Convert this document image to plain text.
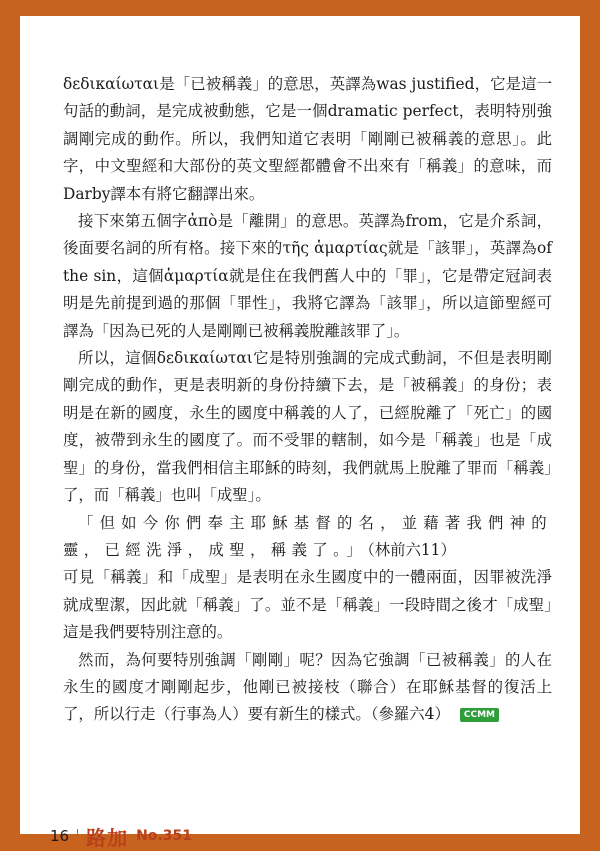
δεδικαίωται是「已被稱義」的意思，英譯為was justified，它是這一句話的動詞，是完成被動態，它是一個dramatic perfect，表明特別強調剛完成的動作。所以，我們知道它表明「剛剛已被稱義的意思」。此字，中文聖經和大部份的英文聖經都體會不出來有「稱義」的意味，而Darby譯本有將它翻譯出來。

接下來第五個字ἀπὸ是「離開」的意思。英譯為from，它是介系詞，後面要名詞的所有格。接下來的τῆς ἁμαρτίας就是「該罪」，英譯為of the sin，這個ἁμαρτία就是住在我們舊人中的「罪」，它是帶定冠詞表明是先前提到過的那個「罪性」，我將它譯為「該罪」，所以這節聖經可譯為「因為已死的人是剛剛已被稱義脫離該罪了」。

所以，這個δεδικαίωται它是特別強調的完成式動詞，不但是表明剛剛完成的動作，更是表明新的身份持續下去，是「被稱義」的身份；表明是在新的國度，永生的國度中稱義的人了，已經脫離了「死亡」的國度，被帶到永生的國度了。而不受罪的轄制，如今是「稱義」也是「成聖」的身份，當我們相信主耶穌的時刻，我們就馬上脫離了罪而「稱義」了，而「稱義」也叫「成聖」。

「但如今你們奉主耶穌基督的名，並藉著我們神的靈，已經洗淨，成聖，稱義了。」（林前六11）

可見「稱義」和「成聖」是表明在永生國度中的一體兩面，因罪被洗淨就成聖潔，因此就「稱義」了。並不是「稱義」一段時間之後才「成聖」這是我們要特別注意的。

然而，為何要特別強調「剛剛」呢？因為它強調「已被稱義」的人在永生的國度才剛剛起步，他剛已被接枝（聯合）在耶穌基督的復活上了，所以行走（行事為人）要有新生的樣式。（參羅六4） CCMM

16 路加 No.351
